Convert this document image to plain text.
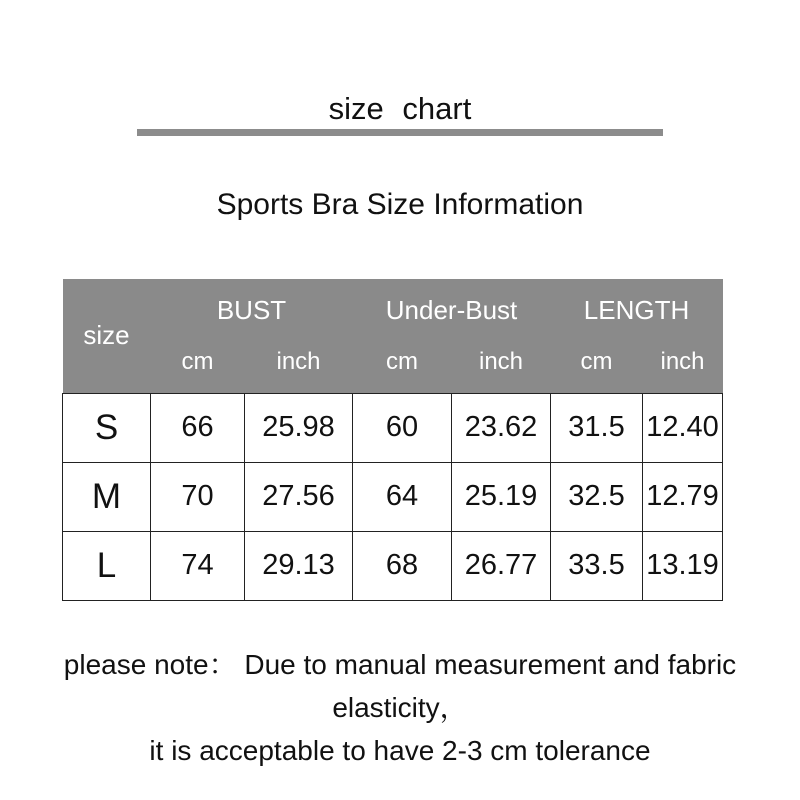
size chart
Sports Bra Size Information
size	BUST		Under-Bust		LENGTH	
	cm	inch	cm	inch	cm	inch
S	66	25.98	60	23.62	31.5	12.40
M	70	27.56	64	25.19	32.5	12.79
L	74	29.13	68	26.77	33.5	13.19
please note： Due to manual measurement and fabric elasticity，
it is acceptable to have 2-3 cm tolerance
